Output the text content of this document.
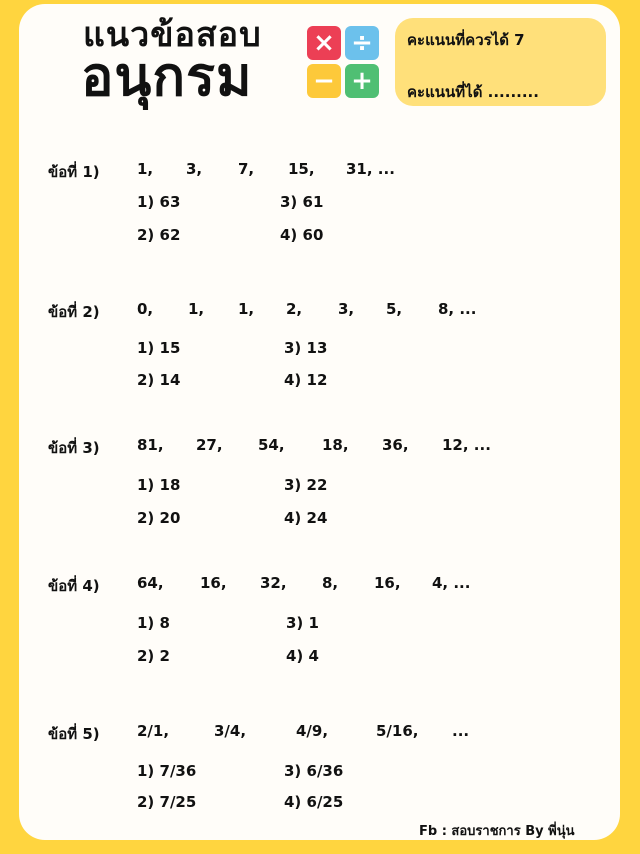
แนวข้อสอบ
อนุกรม
× ÷
− +
คะแนนที่ควรได้ 7
คะแนนที่ได้ .........
Fb : สอบราชการ By พี่นุ่น
ข้อที่ 1) 1, 3, 7, 15, 31, ...
1) 63
2) 62
3) 61
4) 60
ข้อที่ 2) 0, 1, 1, 2, 3, 5, 8, ...
1) 15
2) 14
3) 13
4) 12
ข้อที่ 3) 81, 27, 54, 18, 36, 12, ...
1) 18
2) 20
3) 22
4) 24
ข้อที่ 4) 64, 16, 32, 8, 16, 4, ...
1) 8
2) 2
3) 1
4) 4
ข้อที่ 5) 2/1,	3/4,	4/9,	5/16, ...
1) 7/36
2) 7/25
3) 6/36
4) 6/25
